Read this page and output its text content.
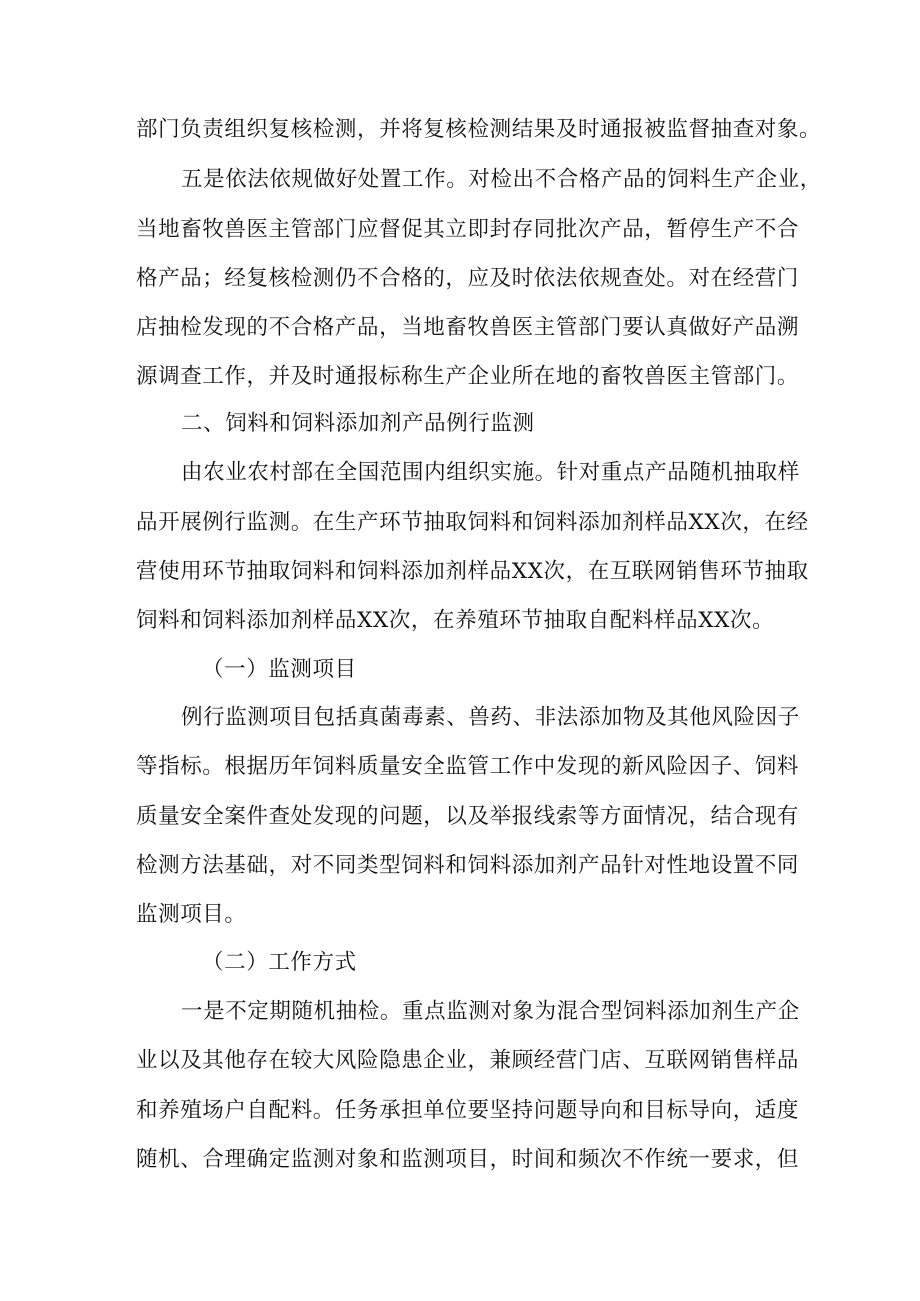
部门负责组织复核检测，并将复核检测结果及时通报被监督抽查对象。
五是依法依规做好处置工作。对检出不合格产品的饲料生产企业，
当地畜牧兽医主管部门应督促其立即封存同批次产品，暂停生产不合
格产品；经复核检测仍不合格的，应及时依法依规查处。对在经营门
店抽检发现的不合格产品，当地畜牧兽医主管部门要认真做好产品溯
源调查工作，并及时通报标称生产企业所在地的畜牧兽医主管部门。
二、饲料和饲料添加剂产品例行监测
由农业农村部在全国范围内组织实施。针对重点产品随机抽取样
品开展例行监测。在生产环节抽取饲料和饲料添加剂样品XX次，在经
营使用环节抽取饲料和饲料添加剂样品XX次，在互联网销售环节抽取
饲料和饲料添加剂样品XX次，在养殖环节抽取自配料样品XX次。
（一）监测项目
例行监测项目包括真菌毒素、兽药、非法添加物及其他风险因子
等指标。根据历年饲料质量安全监管工作中发现的新风险因子、饲料
质量安全案件查处发现的问题，以及举报线索等方面情况，结合现有
检测方法基础，对不同类型饲料和饲料添加剂产品针对性地设置不同
监测项目。
（二）工作方式
一是不定期随机抽检。重点监测对象为混合型饲料添加剂生产企
业以及其他存在较大风险隐患企业，兼顾经营门店、互联网销售样品
和养殖场户自配料。任务承担单位要坚持问题导向和目标导向，适度
随机、合理确定监测对象和监测项目，时间和频次不作统一要求，但
